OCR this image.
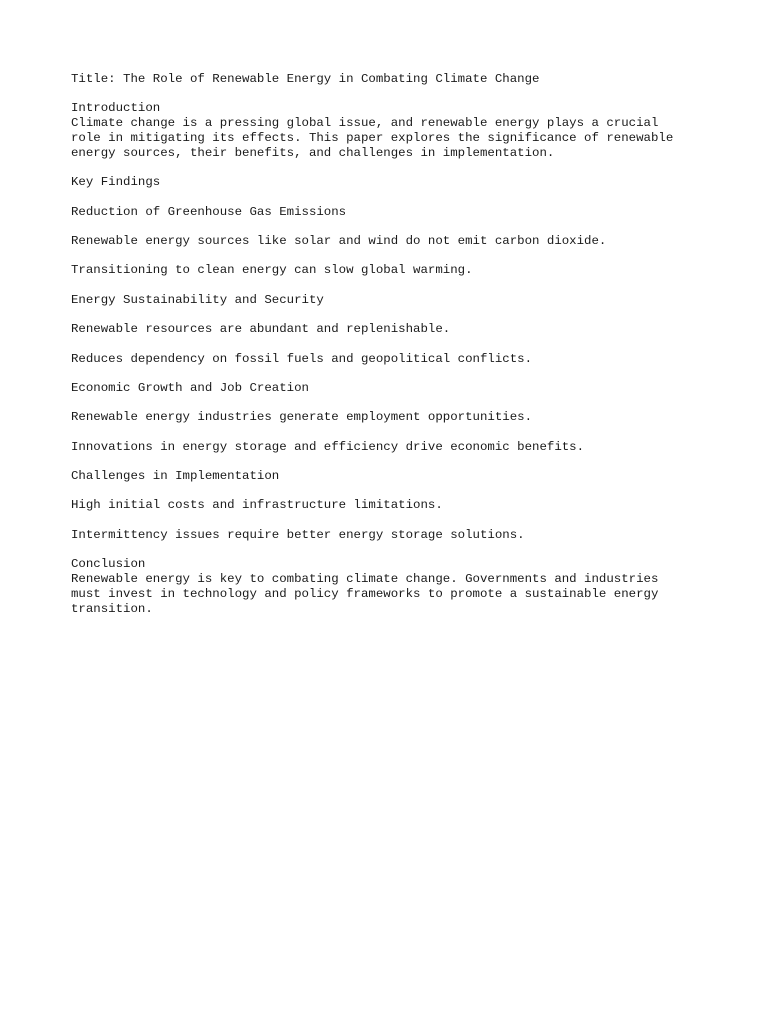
Title: The Role of Renewable Energy in Combating Climate Change
Introduction
Climate change is a pressing global issue, and renewable energy plays a crucial
role in mitigating its effects. This paper explores the significance of renewable
energy sources, their benefits, and challenges in implementation.
Key Findings
Reduction of Greenhouse Gas Emissions
Renewable energy sources like solar and wind do not emit carbon dioxide.
Transitioning to clean energy can slow global warming.
Energy Sustainability and Security
Renewable resources are abundant and replenishable.
Reduces dependency on fossil fuels and geopolitical conflicts.
Economic Growth and Job Creation
Renewable energy industries generate employment opportunities.
Innovations in energy storage and efficiency drive economic benefits.
Challenges in Implementation
High initial costs and infrastructure limitations.
Intermittency issues require better energy storage solutions.
Conclusion
Renewable energy is key to combating climate change. Governments and industries
must invest in technology and policy frameworks to promote a sustainable energy
transition.
